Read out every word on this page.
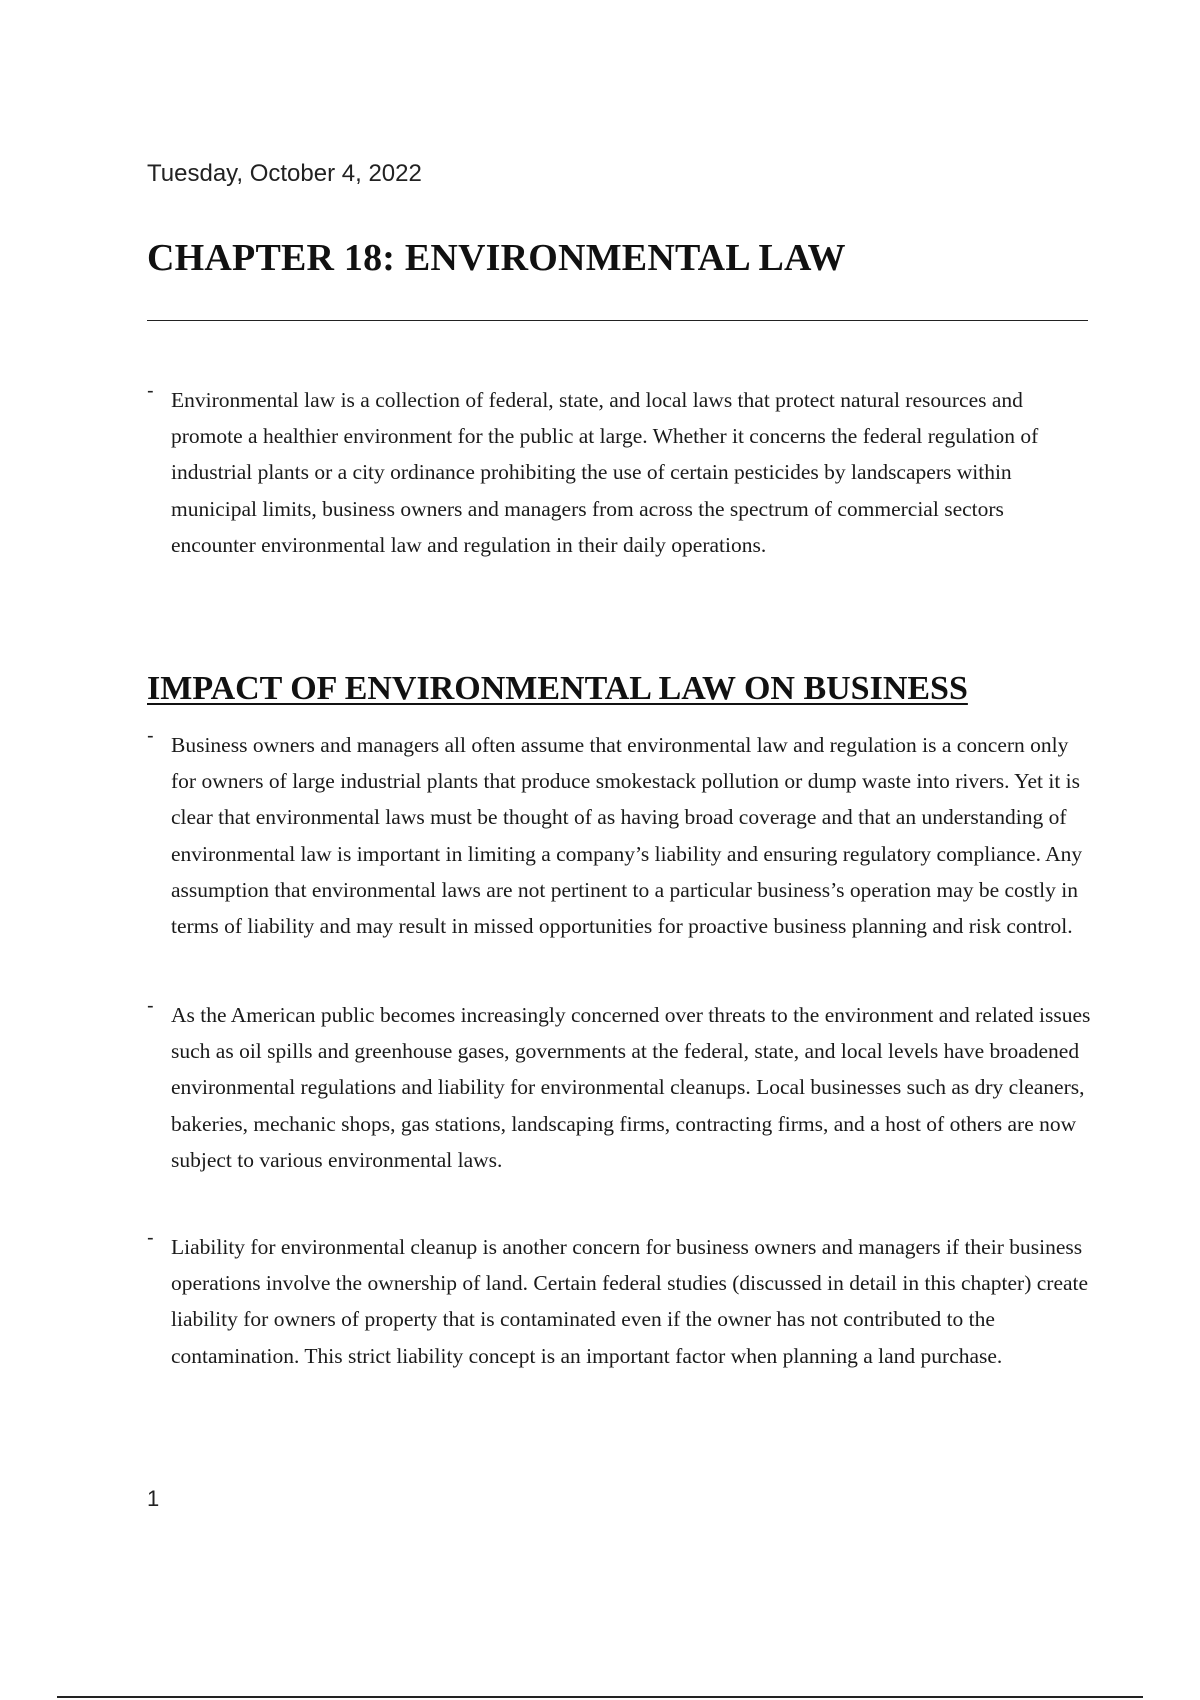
Tuesday, October 4, 2022
CHAPTER 18: ENVIRONMENTAL LAW
- Environmental law is a collection of federal, state, and local laws that protect natural resources and promote a healthier environment for the public at large. Whether it concerns the federal regulation of industrial plants or a city ordinance prohibiting the use of certain pesticides by landscapers within municipal limits, business owners and managers from across the spectrum of commercial sectors encounter environmental law and regulation in their daily operations.
IMPACT OF ENVIRONMENTAL LAW ON BUSINESS
- Business owners and managers all often assume that environmental law and regulation is a concern only for owners of large industrial plants that produce smokestack pollution or dump waste into rivers. Yet it is clear that environmental laws must be thought of as having broad coverage and that an understanding of environmental law is important in limiting a company’s liability and ensuring regulatory compliance. Any assumption that environmental laws are not pertinent to a particular business’s operation may be costly in terms of liability and may result in missed opportunities for proactive business planning and risk control.
- As the American public becomes increasingly concerned over threats to the environment and related issues such as oil spills and greenhouse gases, governments at the federal, state, and local levels have broadened environmental regulations and liability for environmental cleanups. Local businesses such as dry cleaners, bakeries, mechanic shops, gas stations, landscaping firms, contracting firms, and a host of others are now subject to various environmental laws.
- Liability for environmental cleanup is another concern for business owners and managers if their business operations involve the ownership of land. Certain federal studies (discussed in detail in this chapter) create liability for owners of property that is contaminated even if the owner has not contributed to the contamination. This strict liability concept is an important factor when planning a land purchase.
1
